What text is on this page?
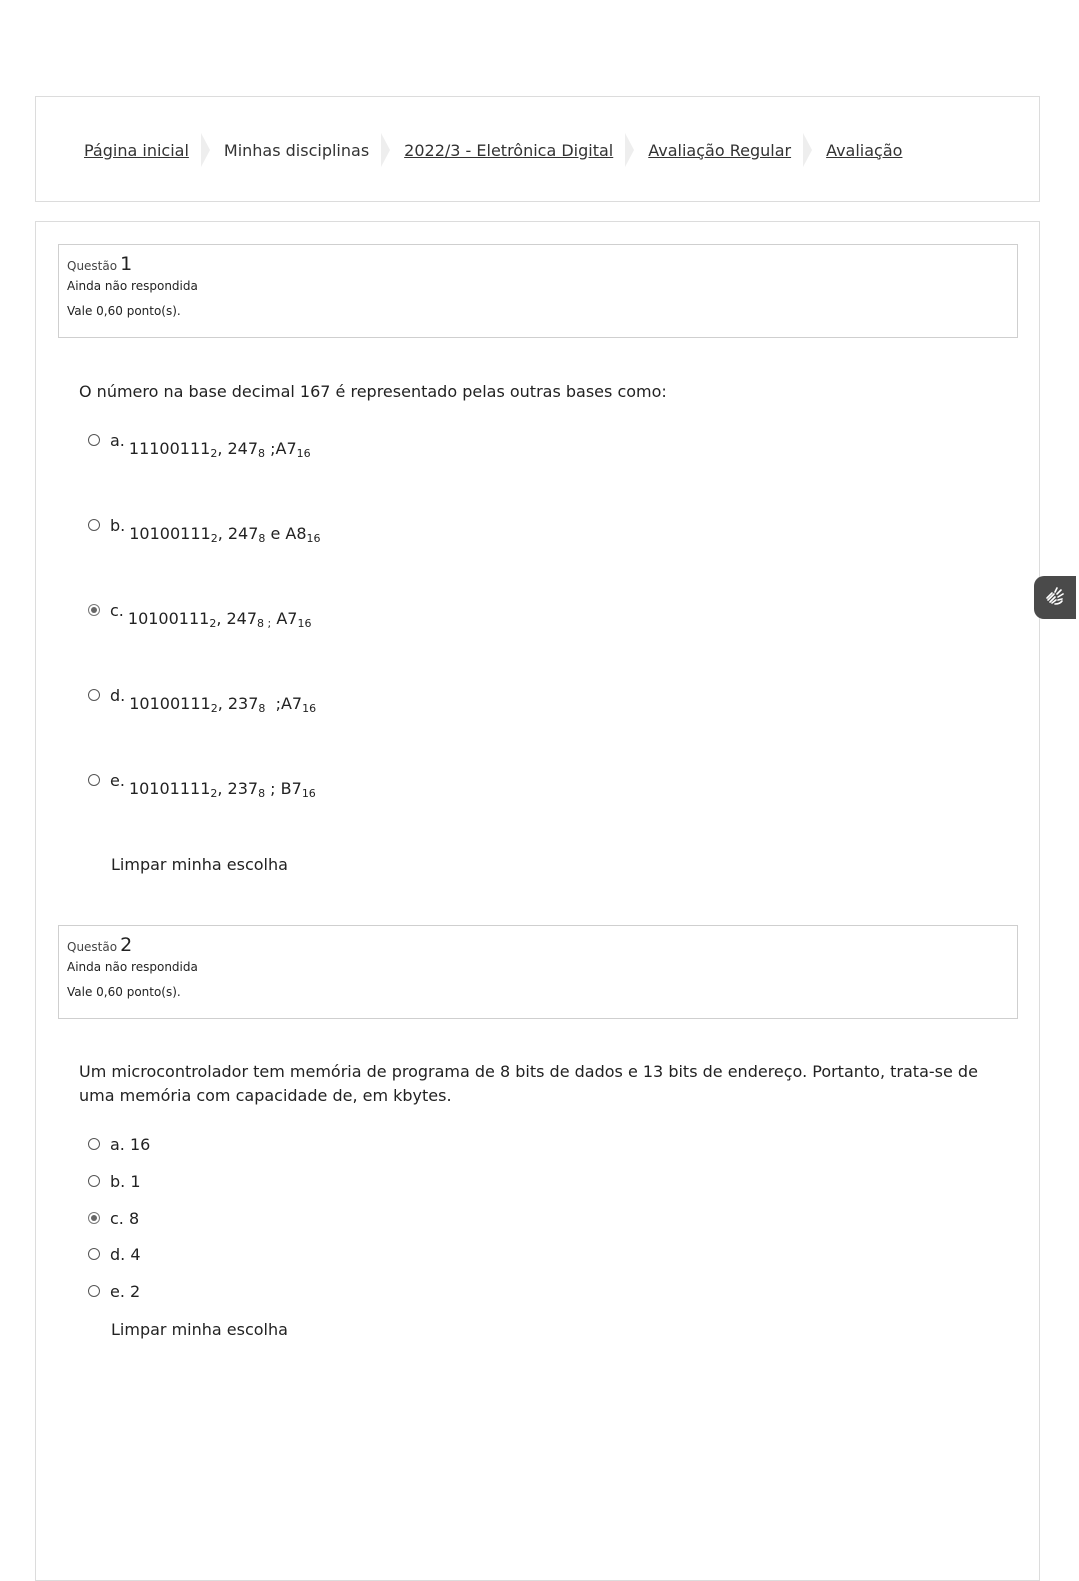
Página inicial Minhas disciplinas 2022/3 - Eletrônica Digital Avaliação Regular Avaliação
Questão 1
Ainda não respondida
Vale 0,60 ponto(s).
O número na base decimal 167 é representado pelas outras bases como:
a. $11100111_2$, $247_8$ $;A7_{16}$
b. $10100111_2$, $247_8$ e $A8_{16}$
c. $10100111_2$, $247_{8 ;}$ $A7_{16}$
d. $10100111_2$, $237_8$  $;A7_{16}$
e. $10101111_2$, $237_8$ ; $B7_{16}$
Limpar minha escolha
Questão 2
Ainda não respondida
Vale 0,60 ponto(s).
Um microcontrolador tem memória de programa de 8 bits de dados e 13 bits de endereço. Portanto, trata-se de uma memória com capacidade de, em kbytes.
a. 16
b. 1
c. 8
d. 4
e. 2
Limpar minha escolha
